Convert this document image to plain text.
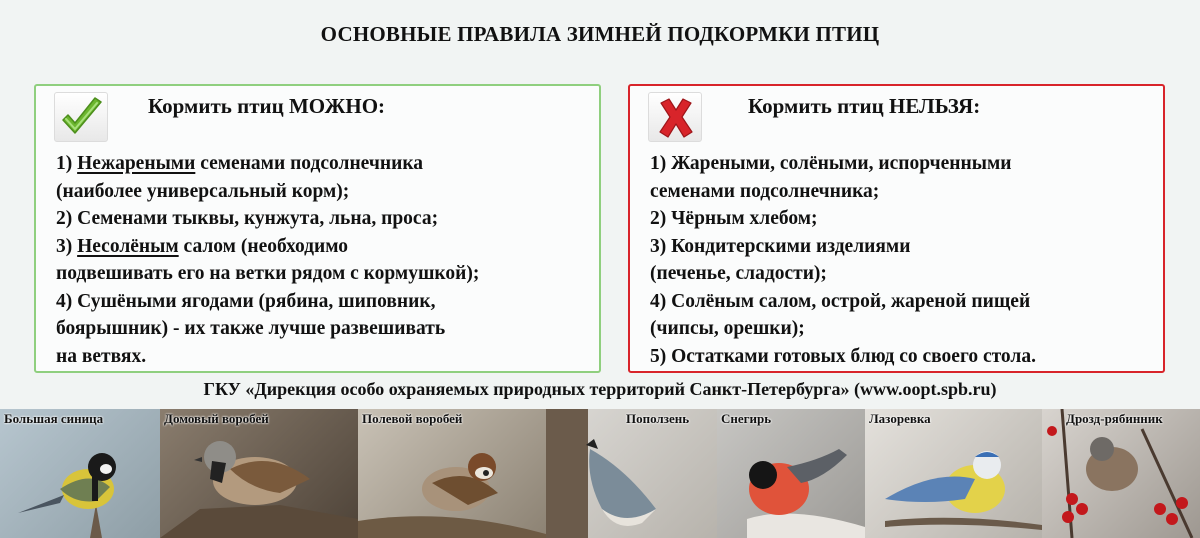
ОСНОВНЫЕ ПРАВИЛА ЗИМНЕЙ ПОДКОРМКИ ПТИЦ
Кормить птиц МОЖНО:
1) Нежареными семенами подсолнечника
(наиболее универсальный корм);
2) Семенами тыквы, кунжута, льна, проса;
3) Несолёным салом (необходимо
подвешивать его на ветки рядом с кормушкой);
4) Сушёными ягодами (рябина, шиповник,
боярышник) - их также лучше развешивать
на ветвях.
Кормить птиц НЕЛЬЗЯ:
1) Жареными, солёными, испорченными
семенами подсолнечника;
2) Чёрным хлебом;
3) Кондитерскими изделиями
(печенье, сладости);
4) Солёным салом, острой, жареной пищей
(чипсы, орешки);
5) Остатками готовых блюд со своего стола.
ГКУ «Дирекция особо охраняемых природных территорий Санкт-Петербурга» (www.oopt.spb.ru)
Большая синица	Домовый воробей	Полевой воробей	Поползень Снегирь	Лазоревка	Дрозд-рябинник
